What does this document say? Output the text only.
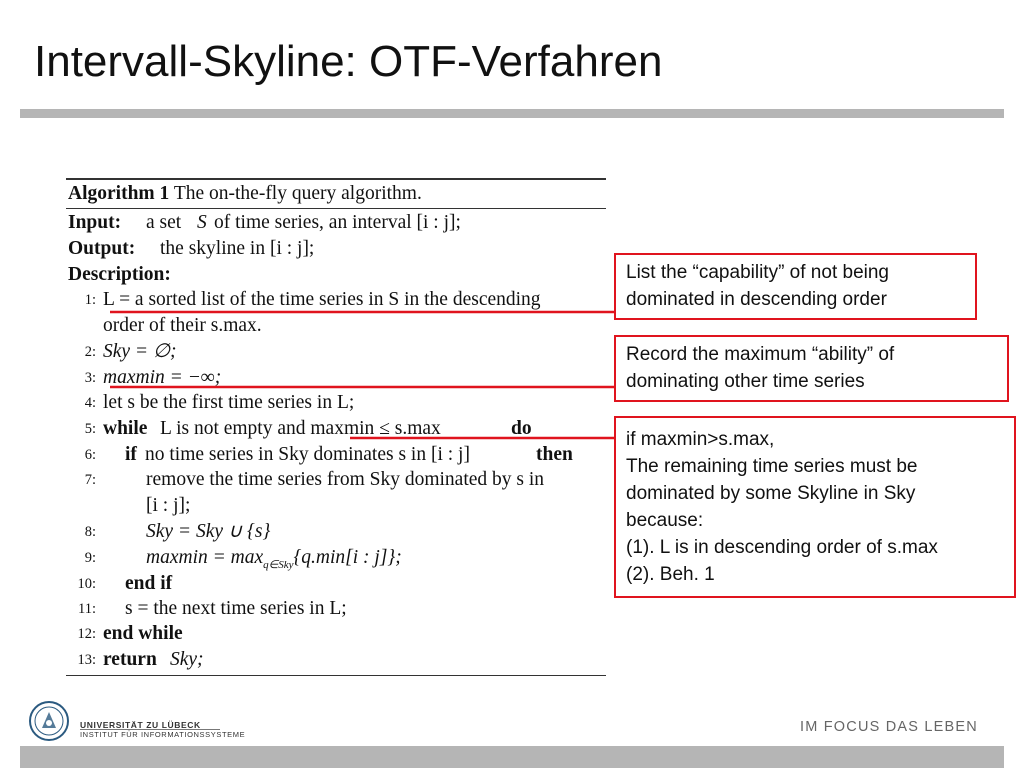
Intervall-Skyline: OTF-Verfahren
Algorithm 1 The on-the-fly query algorithm.
Input: a set S of time series, an interval [i : j];
Output: the skyline in [i : j];
Description:
1: L = a sorted list of the time series in S in the descending
order of their s.max.
2: Sky = ∅;
3: maxmin = −∞;
4: let s be the first time series in L;
5: while L is not empty and maxmin ≤ s.max	do
6: if no time series in Sky dominates s in [i : j]	then
7:	remove the time series from Sky dominated by s in
[i : j];
8:	Sky = Sky ∪ {s}
9:	$maxmin = \max_{q\in Sky}\{q.\min[i$ : j]};
10: end if
11: s = the next time series in L;
12: end while
13: return Sky;
List the “capability” of not being
dominated in descending order
Record the maximum “ability” of
dominating other time series
if maxmin>s.max,
The remaining time series must be
dominated by some Skyline in Sky
because:
(1). L is in descending order of s.max
(2). Beh. 1
UNIVERSITÄT ZU LÜBECK
INSTITUT FÜR INFORMATIONSSYSTEME	IM FOCUS DAS LEBEN
